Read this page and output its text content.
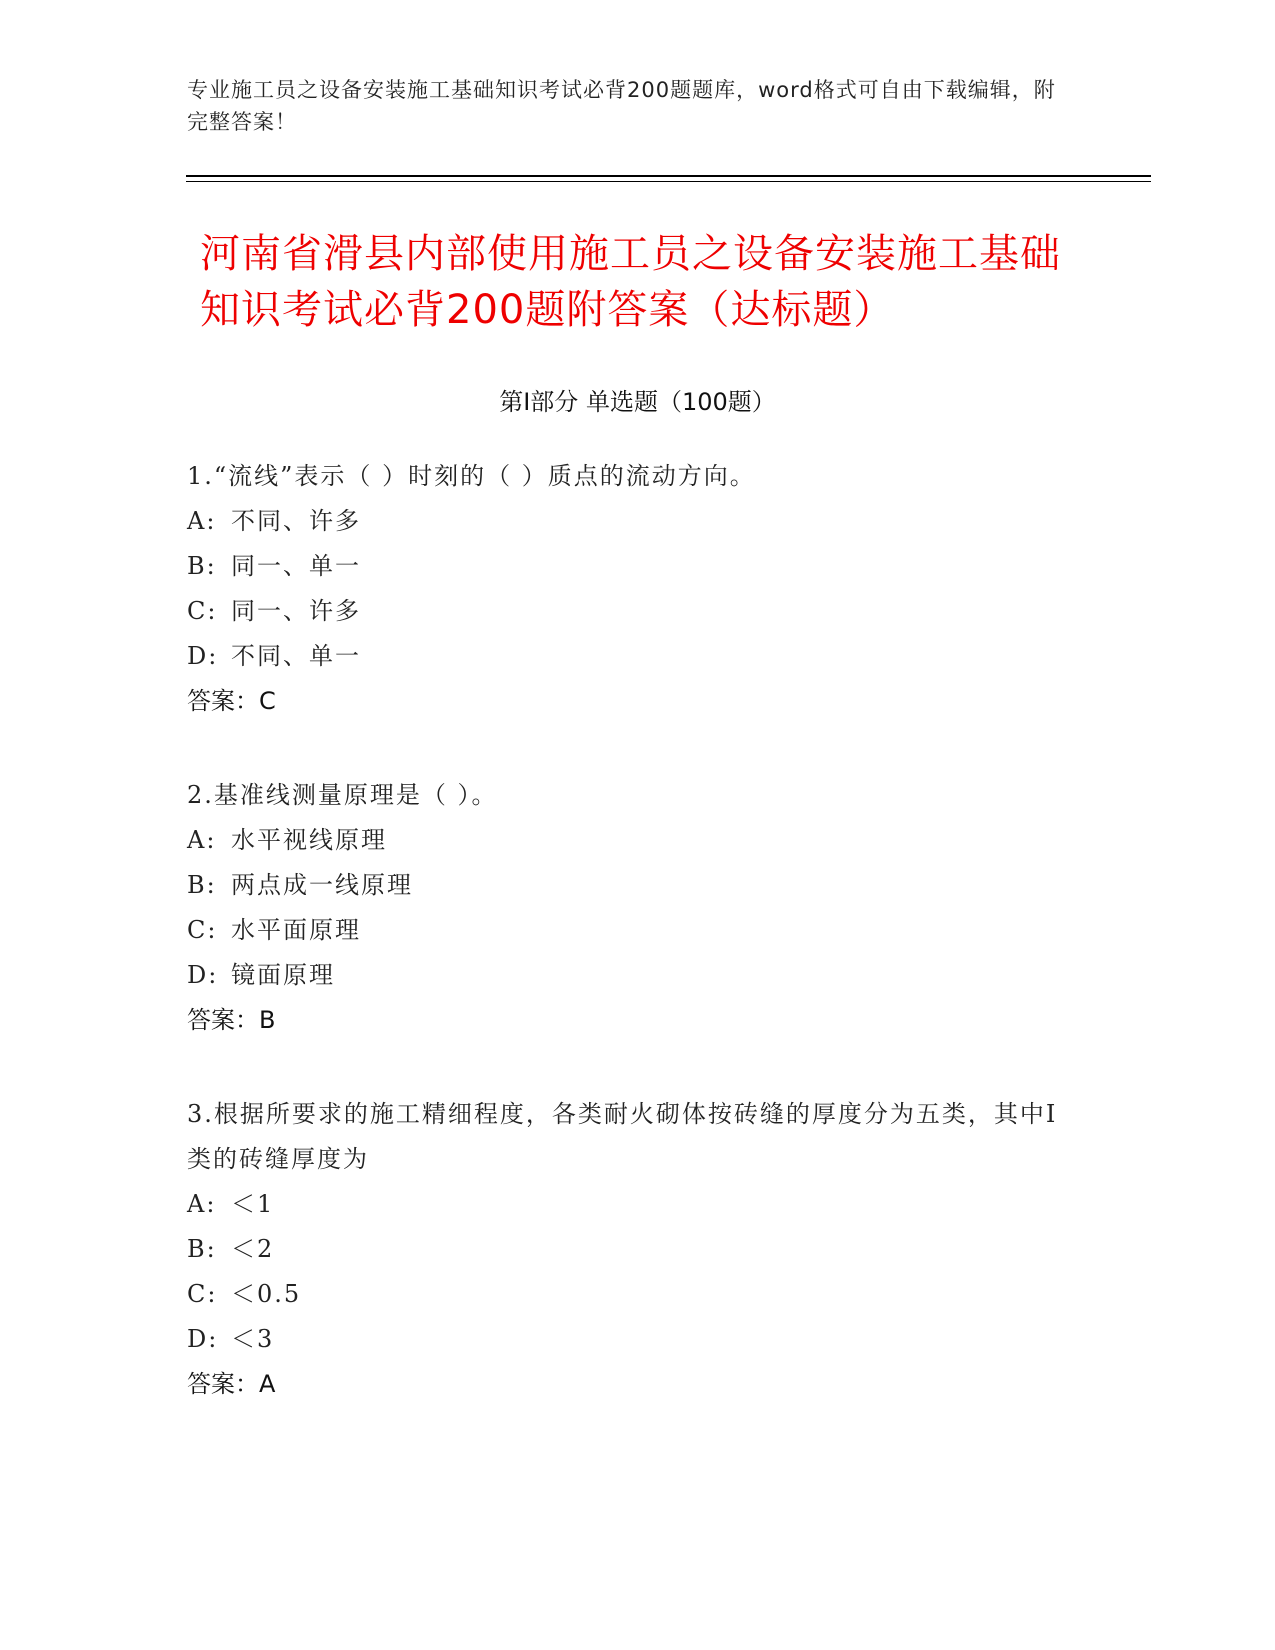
专业施工员之设备安装施工基础知识考试必背200题题库，word格式可自由下载编辑，附完整答案！
河南省滑县内部使用施工员之设备安装施工基础知识考试必背200题附答案（达标题）
第Ⅰ部分 单选题（100题）
1.“流线”表示（ ）时刻的（ ）质点的流动方向。
A: 不同、许多
B: 同一、单一
C: 同一、许多
D: 不同、单一
答案：C
2.基准线测量原理是（ ）。
A: 水平视线原理
B: 两点成一线原理
C: 水平面原理
D: 镜面原理
答案：B
3.根据所要求的施工精细程度，各类耐火砌体按砖缝的厚度分为五类，其中Ⅰ类的砖缝厚度为
A: ＜1
B: ＜2
C: ＜0.5
D: ＜3
答案：A
